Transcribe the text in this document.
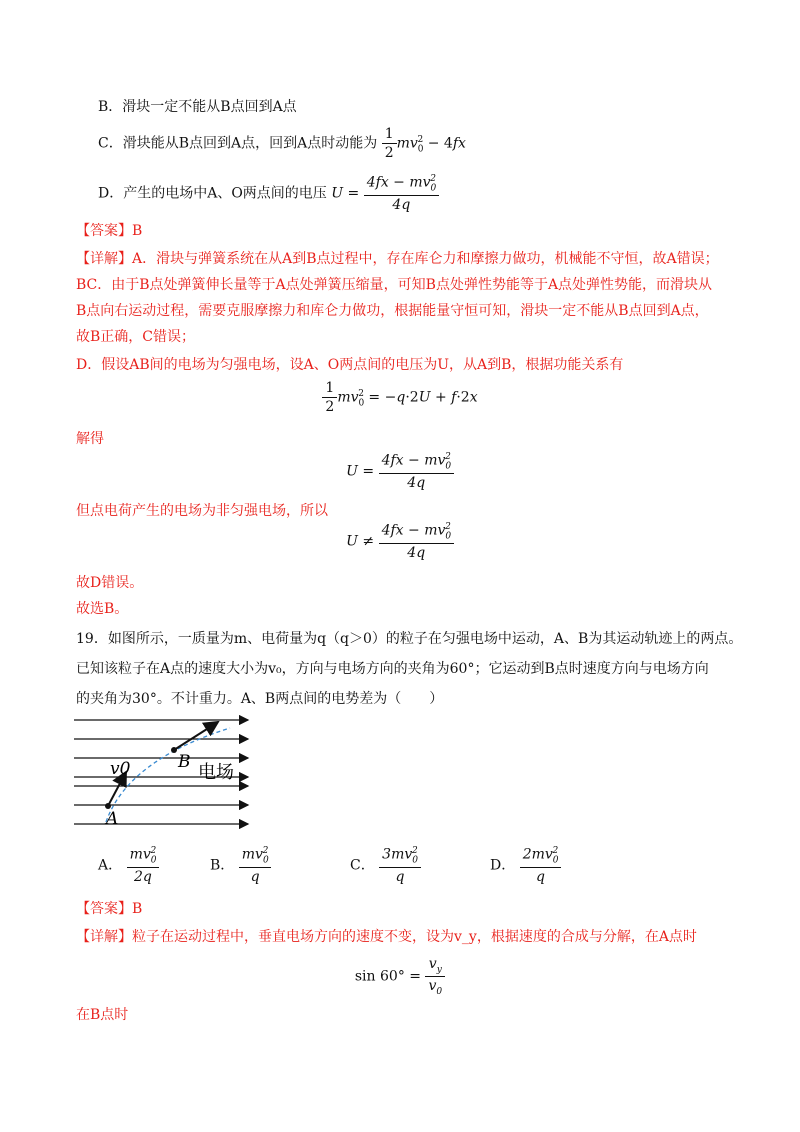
B．滑块一定不能从B点回到A点
C．滑块能从B点回到A点，回到A点时动能为 $\frac{1}{2} mv_0^2 - 4fx$
D．产生的电场中A、O两点间的电压 $U = \frac{4fx - mv_0^2}{4q}$
【答案】B
【详解】A．滑块与弹簧系统在从A到B点过程中，存在库仑力和摩擦力做功，机械能不守恒，故A错误；
BC．由于B点处弹簧伸长量等于A点处弹簧压缩量，可知B点处弹性势能等于A点处弹性势能，而滑块从
B点向右运动过程，需要克服摩擦力和库仑力做功，根据能量守恒可知，滑块一定不能从B点回到A点，
故B正确，C错误；
D．假设AB间的电场为匀强电场，设A、O两点间的电压为U，从A到B，根据功能关系有
$\frac{1}{2} mv_0^2 = -q\cdot 2U + f\cdot 2x$
解得
$U = \frac{4fx - mv_0^2}{4q}$
但点电荷产生的电场为非匀强电场，所以
$U \ne \frac{4fx - mv_0^2}{4q}$
故D错误。
故选B。
19．如图所示，一质量为m、电荷量为q（q＞0）的粒子在匀强电场中运动，A、B为其运动轨迹上的两点。
已知该粒子在A点的速度大小为v₀，方向与电场方向的夹角为60°；它运动到B点时速度方向与电场方向
的夹角为30°。不计重力。A、B两点间的电势差为（　　）
v0	B
A
电场
A． $\frac{mv_0^2}{2q}$	B． $\frac{mv_0^2}{q}$	C． $\frac{3mv_0^2}{q}$	D． $\frac{2mv_0^2}{q}$
【答案】B
【详解】粒子在运动过程中，垂直电场方向的速度不变，设为v_y，根据速度的合成与分解，在A点时
$\sin 60^\circ = \frac{v_y}{v_0}$
在B点时
